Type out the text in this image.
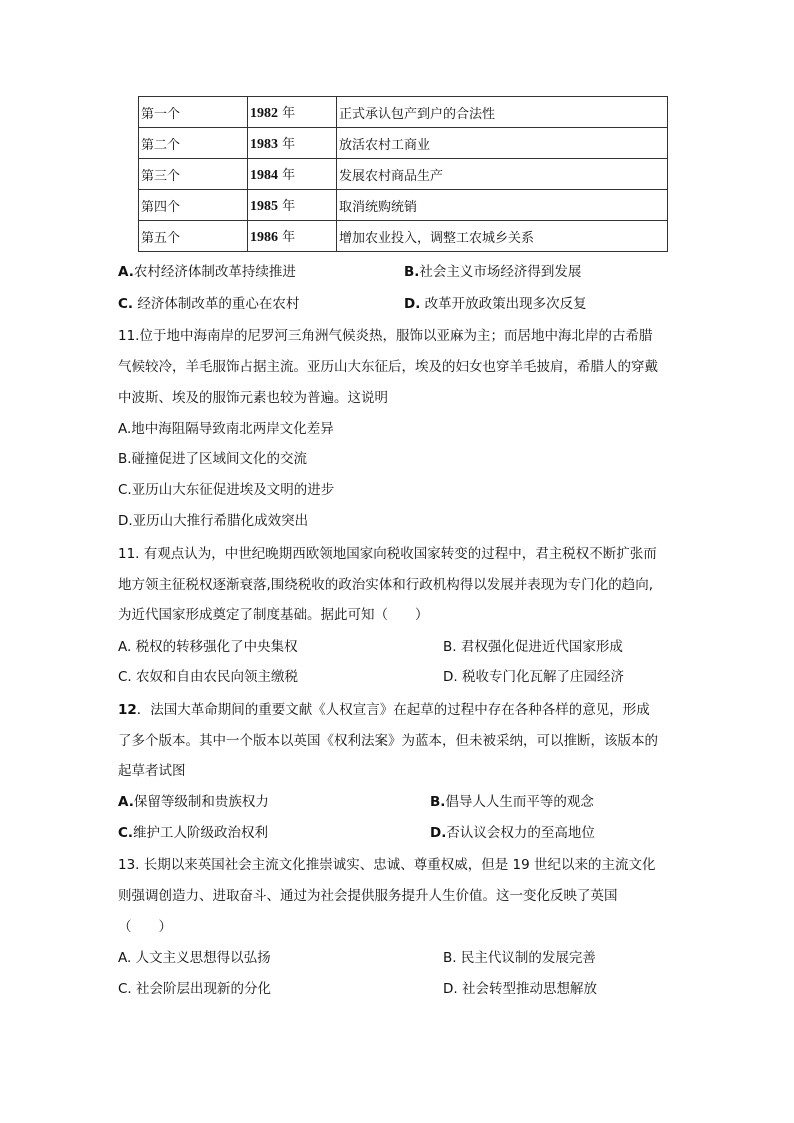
第一个	1982 年	正式承认包产到户的合法性
第二个	1983 年	放活农村工商业
第三个	1984 年	发展农村商品生产
第四个	1985 年	取消统购统销
第五个	1986 年	增加农业投入，调整工农城乡关系
A.农村经济体制改革持续推进	B.社会主义市场经济得到发展
C. 经济体制改革的重心在农村	D. 改革开放政策出现多次反复
11.位于地中海南岸的尼罗河三角洲气候炎热，服饰以亚麻为主；而居地中海北岸的古希腊
气候较冷，羊毛服饰占据主流。亚历山大东征后，埃及的妇女也穿羊毛披肩，希腊人的穿戴
中波斯、埃及的服饰元素也较为普遍。这说明
A.地中海阻隔导致南北两岸文化差异
B.碰撞促进了区域间文化的交流
C.亚历山大东征促进埃及文明的进步
D.亚历山大推行希腊化成效突出
11. 有观点认为，中世纪晚期西欧领地国家向税收国家转变的过程中，君主税权不断扩张而
地方领主征税权逐渐衰落,围绕税收的政治实体和行政机构得以发展并表现为专门化的趋向,
为近代国家形成奠定了制度基础。据此可知（　　）
A. 税权的转移强化了中央集权	B. 君权强化促进近代国家形成
C. 农奴和自由农民向领主缴税	D. 税收专门化瓦解了庄园经济
12．法国大革命期间的重要文献《人权宣言》在起草的过程中存在各种各样的意见，形成
了多个版本。其中一个版本以英国《权利法案》为蓝本，但未被采纳，可以推断，该版本的
起草者试图
A.保留等级制和贵族权力	B.倡导人人生而平等的观念
C.维护工人阶级政治权利	D.否认议会权力的至高地位
13. 长期以来英国社会主流文化推崇诚实、忠诚、尊重权威，但是 19 世纪以来的主流文化
则强调创造力、进取奋斗、通过为社会提供服务提升人生价值。这一变化反映了英国
（　　）
A. 人文主义思想得以弘扬	B. 民主代议制的发展完善
C. 社会阶层出现新的分化	D. 社会转型推动思想解放
